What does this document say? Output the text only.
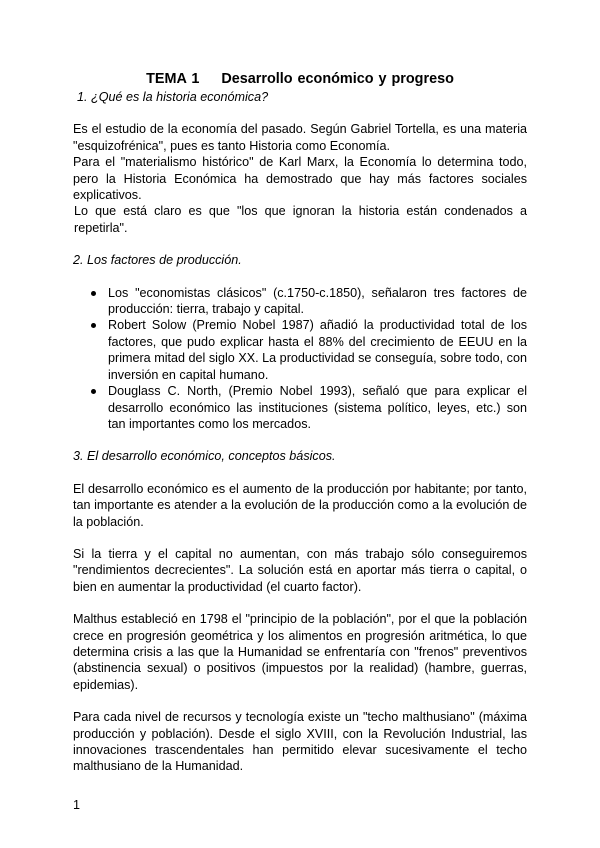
TEMA 1 Desarrollo económico y progreso

1. ¿Qué es la historia económica?

Es el estudio de la economía del pasado. Según Gabriel Tortella, es una materia "esquizofrénica", pues es tanto Historia como Economía.

Para el "materialismo histórico" de Karl Marx, la Economía lo determina todo, pero la Historia Económica ha demostrado que hay más factores sociales explicativos.

Lo que está claro es que "los que ignoran la historia están condenados a repetirla".

2. Los factores de producción.

Los "economistas clásicos" (c.1750-c.1850), señalaron tres factores de producción: tierra, trabajo y capital.
Robert Solow (Premio Nobel 1987) añadió la productividad total de los factores, que pudo explicar hasta el 88% del crecimiento de EEUU en la primera mitad del siglo XX. La productividad se conseguía, sobre todo, con inversión en capital humano.
Douglass C. North, (Premio Nobel 1993), señaló que para explicar el desarrollo económico las instituciones (sistema político, leyes, etc.) son tan importantes como los mercados.

3. El desarrollo económico, conceptos básicos.

El desarrollo económico es el aumento de la producción por habitante; por tanto, tan importante es atender a la evolución de la producción como a la evolución de la población.

Si la tierra y el capital no aumentan, con más trabajo sólo conseguiremos "rendimientos decrecientes". La solución está en aportar más tierra o capital, o bien en aumentar la productividad (el cuarto factor).

Malthus estableció en 1798 el "principio de la población", por el que la población crece en progresión geométrica y los alimentos en progresión aritmética, lo que determina crisis a las que la Humanidad se enfrentaría con "frenos" preventivos (abstinencia sexual) o positivos (impuestos por la realidad) (hambre, guerras, epidemias).

Para cada nivel de recursos y tecnología existe un "techo malthusiano" (máxima producción y población). Desde el siglo XVIII, con la Revolución Industrial, las innovaciones trascendentales han permitido elevar sucesivamente el techo malthusiano de la Humanidad.

1
